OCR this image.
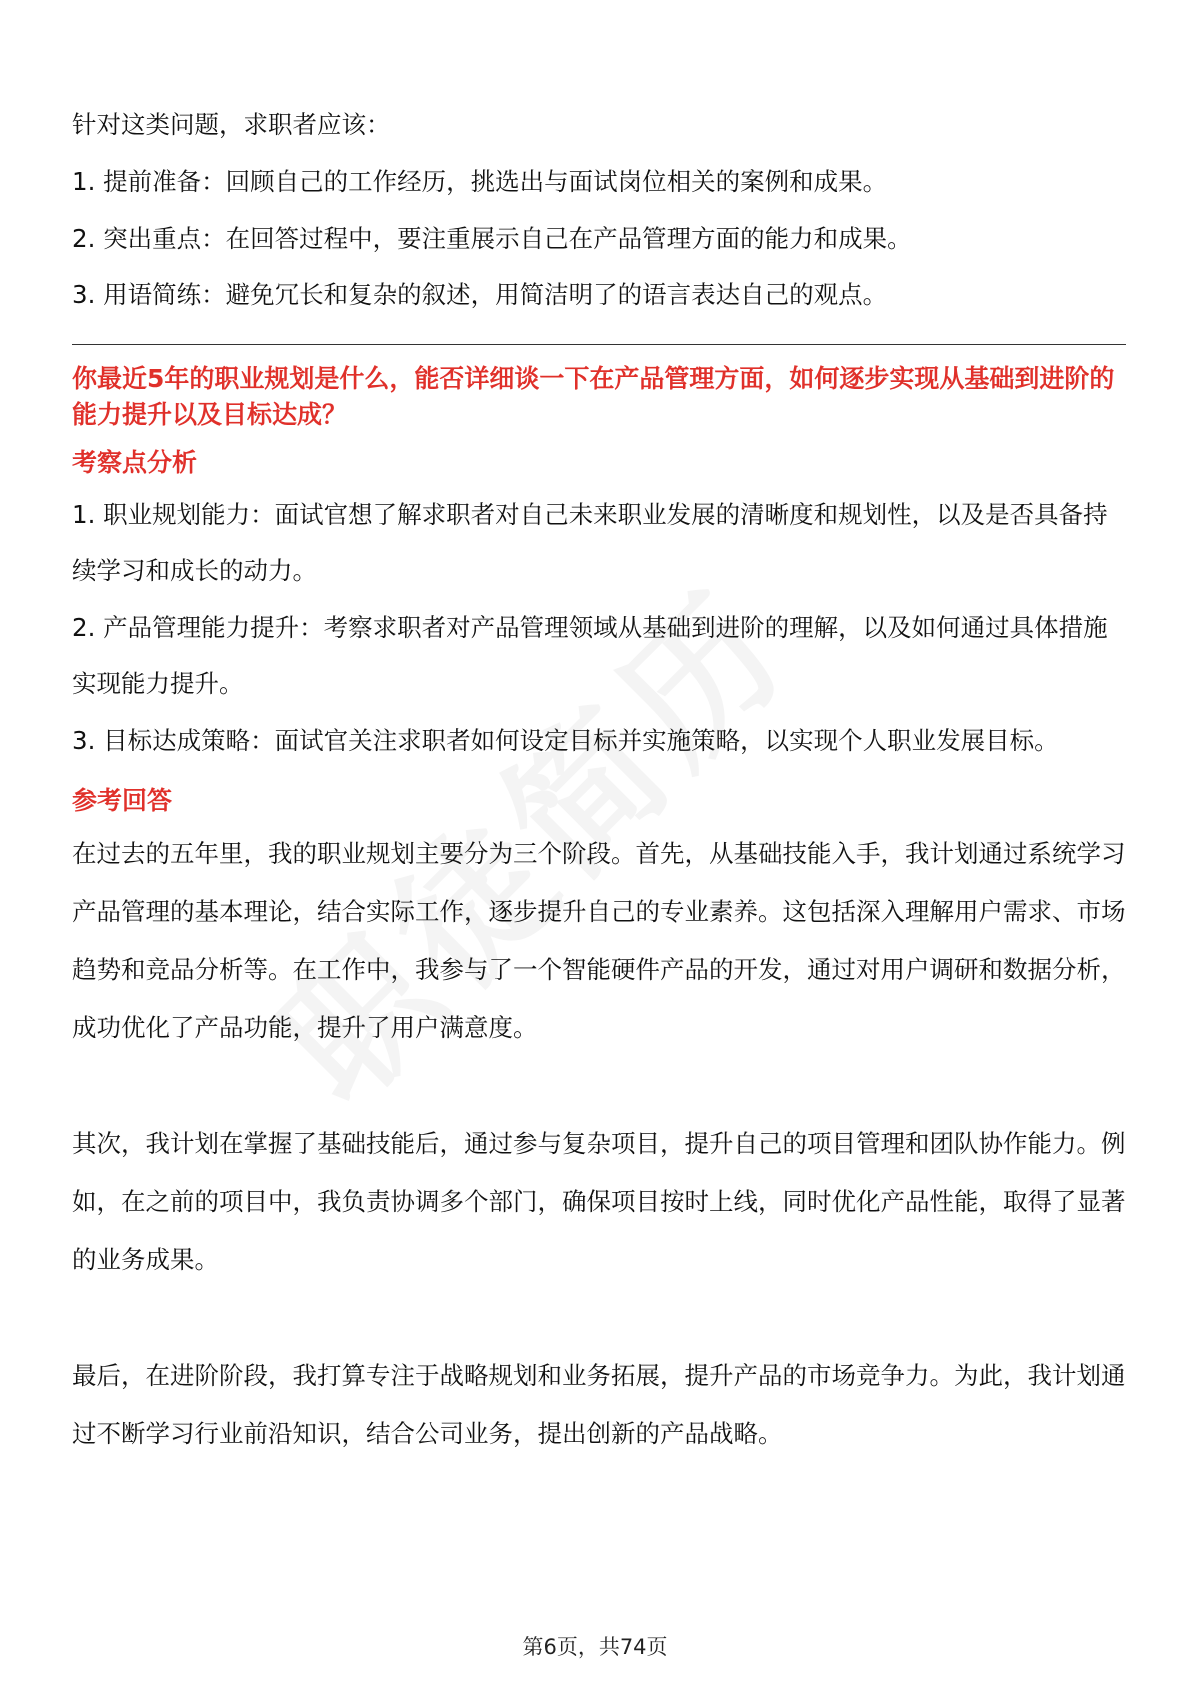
针对这类问题，求职者应该：

1. 提前准备：回顾自己的工作经历，挑选出与面试岗位相关的案例和成果。

2. 突出重点：在回答过程中，要注重展示自己在产品管理方面的能力和成果。

3. 用语简练：避免冗长和复杂的叙述，用简洁明了的语言表达自己的观点。

你最近5年的职业规划是什么，能否详细谈一下在产品管理方面，如何逐步实现从基础到进阶的能力提升以及目标达成？

考察点分析

1. 职业规划能力：面试官想了解求职者对自己未来职业发展的清晰度和规划性，以及是否具备持续学习和成长的动力。

2. 产品管理能力提升：考察求职者对产品管理领域从基础到进阶的理解，以及如何通过具体措施实现能力提升。

3. 目标达成策略：面试官关注求职者如何设定目标并实施策略，以实现个人职业发展目标。

参考回答

在过去的五年里，我的职业规划主要分为三个阶段。首先，从基础技能入手，我计划通过系统学习产品管理的基本理论，结合实际工作，逐步提升自己的专业素养。这包括深入理解用户需求、市场趋势和竞品分析等。在工作中，我参与了一个智能硬件产品的开发，通过对用户调研和数据分析，成功优化了产品功能，提升了用户满意度。

其次，我计划在掌握了基础技能后，通过参与复杂项目，提升自己的项目管理和团队协作能力。例如，在之前的项目中，我负责协调多个部门，确保项目按时上线，同时优化产品性能，取得了显著的业务成果。

最后，在进阶阶段，我打算专注于战略规划和业务拓展，提升产品的市场竞争力。为此，我计划通过不断学习行业前沿知识，结合公司业务，提出创新的产品战略。

第6页，共74页
